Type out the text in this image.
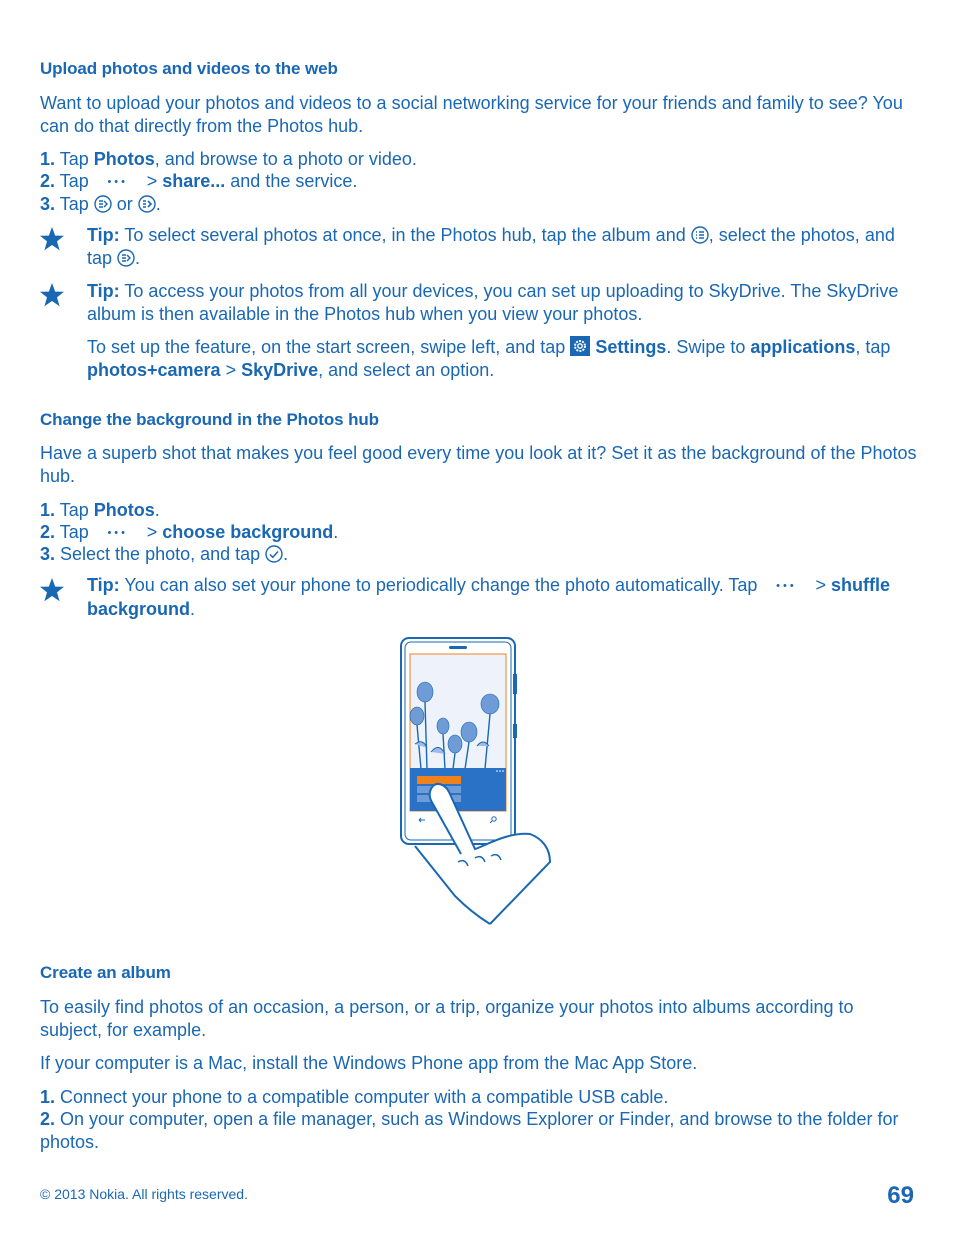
Upload photos and videos to the web
Want to upload your photos and videos to a social networking service for your friends and family to see? You can do that directly from the Photos hub.
1. Tap Photos, and browse to a photo or video.
2. Tap ••• > share... and the service.
3. Tap  or .
Tip: To select several photos at once, in the Photos hub, tap the album and , select the photos, and tap .
Tip: To access your photos from all your devices, you can set up uploading to SkyDrive. The SkyDrive album is then available in the Photos hub when you view your photos.
To set up the feature, on the start screen, swipe left, and tap  Settings. Swipe to applications, tap photos+camera > SkyDrive, and select an option.
Change the background in the Photos hub
Have a superb shot that makes you feel good every time you look at it? Set it as the background of the Photos hub.
1. Tap Photos.
2. Tap ••• > choose background.
3. Select the photo, and tap .
Tip: You can also set your phone to periodically change the photo automatically. Tap ••• > shuffle background.
Create an album
To easily find photos of an occasion, a person, or a trip, organize your photos into albums according to subject, for example.
If your computer is a Mac, install the Windows Phone app from the Mac App Store.
1. Connect your phone to a compatible computer with a compatible USB cable.
2. On your computer, open a file manager, such as Windows Explorer or Finder, and browse to the folder for photos.
© 2013 Nokia. All rights reserved.	69
